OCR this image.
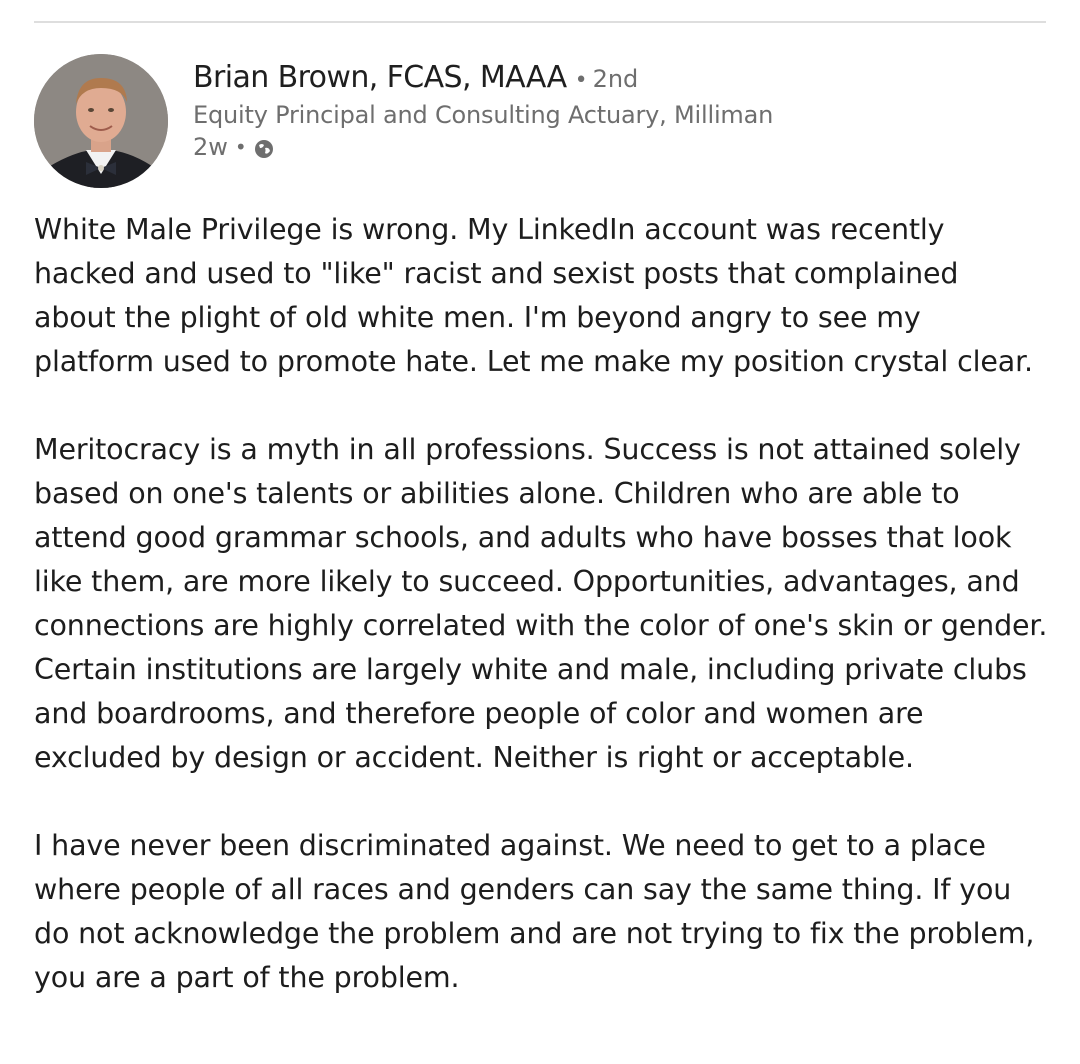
Brian Brown, FCAS, MAAA • 2nd
Equity Principal and Consulting Actuary, Milliman
2w •

White Male Privilege is wrong. My LinkedIn account was recently hacked and used to "like" racist and sexist posts that complained about the plight of old white men. I'm beyond angry to see my platform used to promote hate. Let me make my position crystal clear.

Meritocracy is a myth in all professions. Success is not attained solely based on one's talents or abilities alone. Children who are able to attend good grammar schools, and adults who have bosses that look like them, are more likely to succeed. Opportunities, advantages, and connections are highly correlated with the color of one's skin or gender. Certain institutions are largely white and male, including private clubs and boardrooms, and therefore people of color and women are excluded by design or accident. Neither is right or acceptable.

I have never been discriminated against. We need to get to a place where people of all races and genders can say the same thing. If you do not acknowledge the problem and are not trying to fix the problem, you are a part of the problem.
